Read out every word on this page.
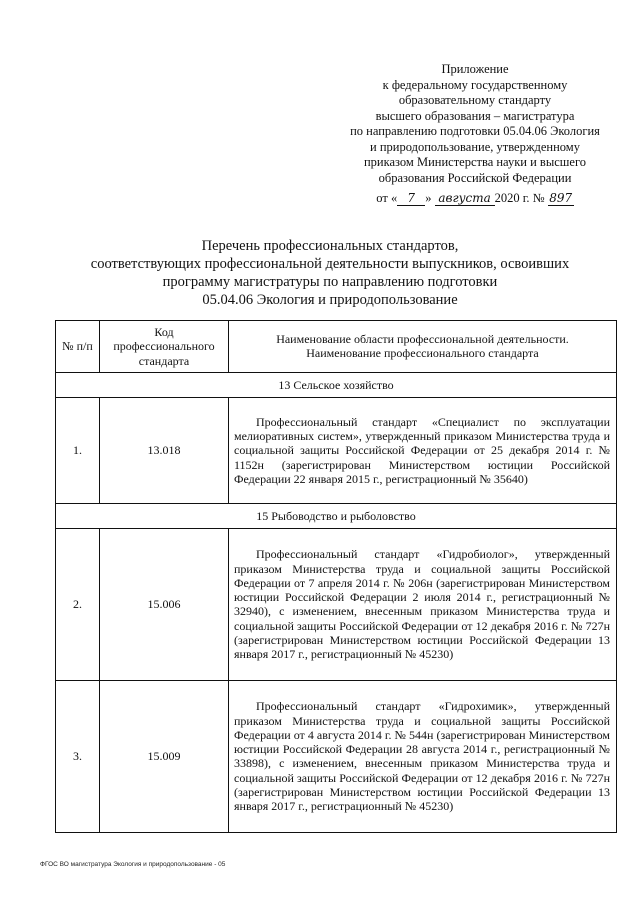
Приложение
к федеральному государственному
образовательному стандарту
высшего образования – магистратура
по направлению подготовки 05.04.06 Экология
и природопользование, утвержденному
приказом Министерства науки и высшего
образования Российской Федерации
от « 7 » августа 2020 г. № 897
Перечень профессиональных стандартов,
соответствующих профессиональной деятельности выпускников, освоивших
программу магистратуры по направлению подготовки
05.04.06 Экология и природопользование
№ п/п	Код профессионального стандарта	Наименование области профессиональной деятельности. Наименование профессионального стандарта
13 Сельское хозяйство		
1.	13.018	Профессиональный стандарт «Специалист по эксплуатации мелиоративных систем», утвержденный приказом Министерства труда и социальной защиты Российской Федерации от 25 декабря 2014 г. № 1152н (зарегистрирован Министерством юстиции Российской Федерации 22 января 2015 г., регистрационный № 35640)

15 Рыбоводство и рыболовство		
2.	15.006	Профессиональный стандарт «Гидробиолог», утвержденный приказом Министерства труда и социальной защиты Российской Федерации от 7 апреля 2014 г. № 206н (зарегистрирован Министерством юстиции Российской Федерации 2 июля 2014 г., регистрационный № 32940), с изменением, внесенным приказом Министерства труда и социальной защиты Российской Федерации от 12 декабря 2016 г. № 727н (зарегистрирован Министерством юстиции Российской Федерации 13 января 2017 г., регистрационный № 45230)

3.	15.009	Профессиональный стандарт «Гидрохимик», утвержденный приказом Министерства труда и социальной защиты Российской Федерации от 4 августа 2014 г. № 544н (зарегистрирован Министерством юстиции Российской Федерации 28 августа 2014 г., регистрационный № 33898), с изменением, внесенным приказом Министерства труда и социальной защиты Российской Федерации от 12 декабря 2016 г. № 727н (зарегистрирован Министерством юстиции Российской Федерации 13 января 2017 г., регистрационный № 45230)

ФГОС ВО магистратура Экология и природопользование - 05
